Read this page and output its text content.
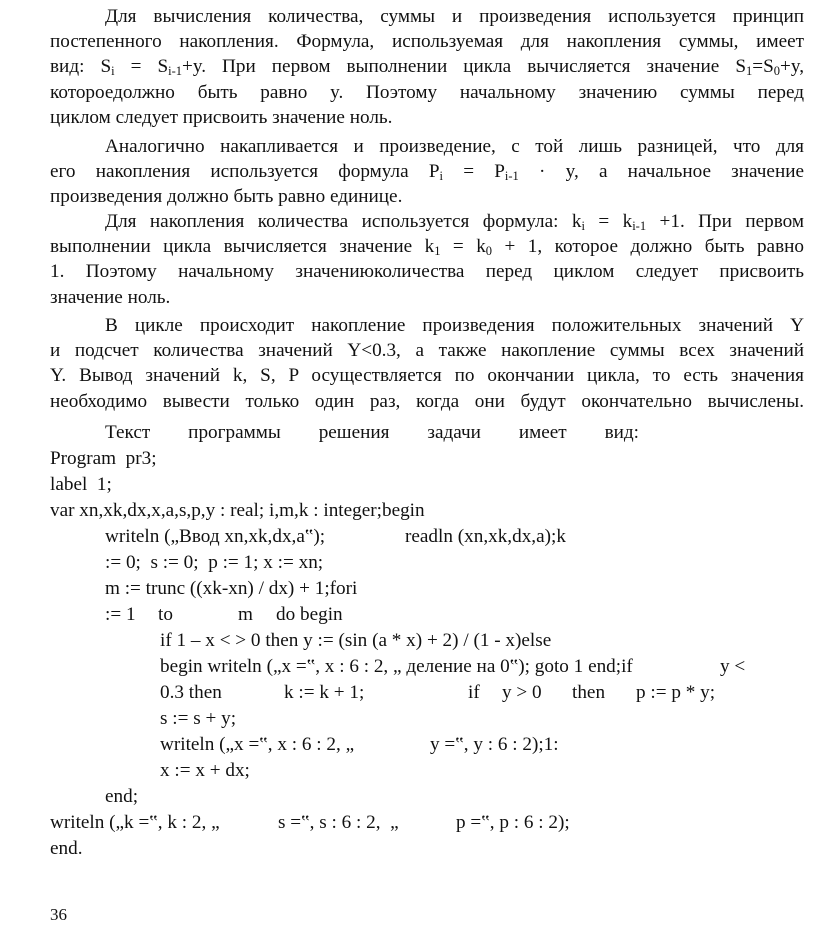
Для вычисления количества, суммы и произведения используется принцип
постепенного накопления. Формула, используемая для накопления суммы, имеет
вид: $S_i = S_{i-1}+y$. При первом выполнении цикла вычисляется значение $S_1=S_0+y$,
котороедолжно быть равно y. Поэтому начальному значению суммы перед
циклом следует присвоить значение ноль.
Аналогично накапливается и произведение, с той лишь разницей, что для
его накопления используется формула $P_i = P_{i-1} \cdot y$, а начальное значение
произведения должно быть равно единице.
Для накопления количества используется формула: $k_i = k_{i-1} +1$. При первом
выполнении цикла вычисляется значение $k_1 = k_0 + 1$, которое должно быть равно
1. Поэтому начальному значениюколичества перед циклом следует присвоить
значение ноль.
В цикле происходит накопление произведения положительных значений Y
и подсчет количества значений Y<0.3, а также накопление суммы всех значений
Y. Вывод значений k, S, P осуществляется по окончании цикла, то есть значения
необходимо вывести только один раз, когда они будут окончательно вычислены.
Текст программы решения задачи имеет вид:
Program  pr3;
label  1;
var xn,xk,dx,x,a,s,p,y : real; i,m,k : integer;begin
writeln („Ввод xn,xk,dx,a‟);	readln (xn,xk,dx,a);k
:= 0;  s := 0;  p := 1; x := xn;
m := trunc ((xk-xn) / dx) + 1;fori
:= 1 to	m do begin
if 1 – x < > 0 then y := (sin (a * x) + 2) / (1 - x)else
begin writeln („x =‟, x : 6 : 2, „ деление на 0‟); goto 1 end;if	y <
0.3 then	k := k + 1;	if y > 0 then p := p * y;
s := s + y;
writeln („x =‟, x : 6 : 2, „	y =‟, y : 6 : 2);1:
x := x + dx;
end;
writeln („k =‟, k : 2, „	s =‟, s : 6 : 2,  „	p =‟, p : 6 : 2);
end.
36
